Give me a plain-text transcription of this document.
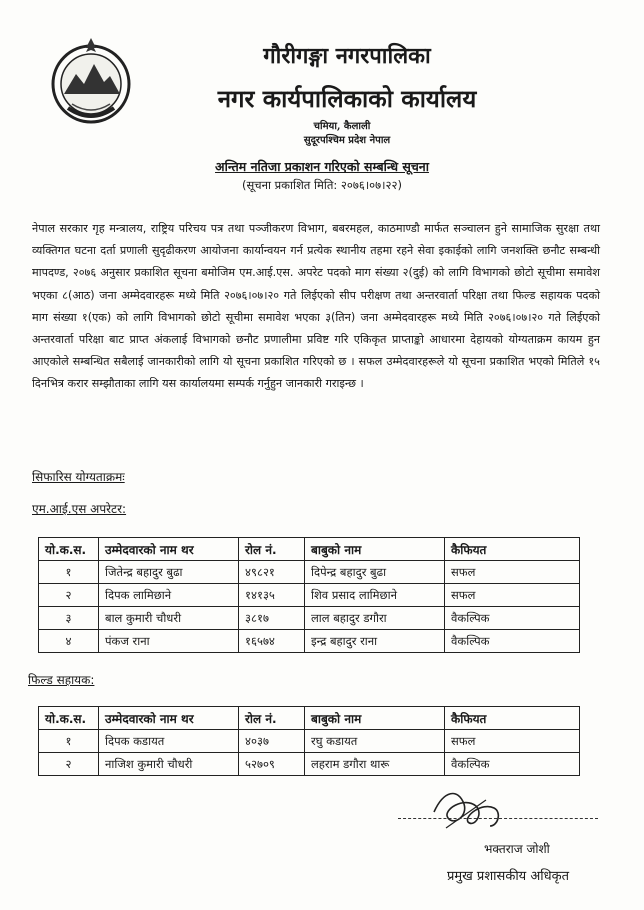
गौरीगङ्गा नगरपालिका
नगर कार्यपालिकाको कार्यालय
चमिया, कैलाली
सुदूरपश्चिम प्रदेश नेपाल
अन्तिम नतिजा प्रकाशन गरिएको सम्बन्धि सूचना
(सूचना प्रकाशित मिति: २०७६।०७।२२)
नेपाल सरकार गृह मन्त्रालय, राष्ट्रिय परिचय पत्र तथा पञ्जीकरण विभाग, बबरमहल, काठमाण्डौ मार्फत सञ्चालन हुने सामाजिक सुरक्षा तथा व्यक्तिगत घटना दर्ता प्रणाली सुदृढीकरण आयोजना कार्यान्वयन गर्न प्रत्येक स्थानीय तहमा रहने सेवा इकाईको लागि जनशक्ति छनौट सम्बन्धी मापदण्ड, २०७६ अनुसार प्रकाशित सूचना बमोजिम एम.आई.एस. अपरेट पदको माग संख्या २(दुई) को लागि विभागको छोटो सूचीमा समावेश भएका ८(आठ) जना अम्मेदवारहरू मध्ये मिति २०७६।०७।२० गते लिईएको सीप परीक्षण तथा अन्तरवार्ता परिक्षा तथा फिल्ड सहायक पदको माग संख्या १(एक) को लागि विभागको छोटो सूचीमा समावेश भएका ३(तिन) जना अम्मेदवारहरू मध्ये मिति २०७६।०७।२० गते लिईएको अन्तरवार्ता परिक्षा बाट प्राप्त अंकलाई विभागको छनौट प्रणालीमा प्रविष्ट गरि एकिकृत प्राप्ताङ्को आधारमा देहायको योग्यताक्रम कायम हुन आएकोले सम्बन्धित सबैलाई जानकारीको लागि यो सूचना प्रकाशित गरिएको छ । सफल उम्मेदवारहरूले यो सूचना प्रकाशित भएको मितिले १५ दिनभित्र करार सम्झौताका लागि यस कार्यालयमा सम्पर्क गर्नुहुन जानकारी गराइन्छ ।
सिफारिस योग्यताक्रमः
एम.आई.एस अपरेटर:
यो.क.स.	उम्मेदवारको नाम थर	रोल नं.	बाबुको नाम	कैफियत
१	जितेन्द्र बहादुर बुढा	४९८२१	दिपेन्द्र बहादुर बुढा	सफल
२	दिपक लामिछाने	१४१३५	शिव प्रसाद लामिछाने	सफल
३	बाल कुमारी चौधरी	३८१७	लाल बहादुर डगौरा	वैकल्पिक
४	पंकज राना	१६५७४	इन्द्र बहादुर राना	वैकल्पिक
फिल्ड सहायक:
यो.क.स.	उम्मेदवारको नाम थर	रोल नं.	बाबुको नाम	कैफियत
१	दिपक कडायत	४०३७	रघु कडायत	सफल
२	नाजिश कुमारी चौधरी	५२७०९	लहराम डगौरा थारू	वैकल्पिक
भक्तराज जोशी
प्रमुख प्रशासकीय अधिकृत
